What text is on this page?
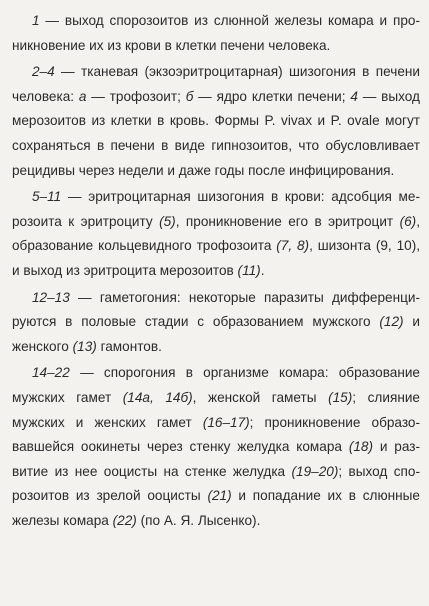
1 — выход спорозоитов из слюнной железы комара и проникновение их из крови в клетки печени человека.

2–4 — тканевая (экзоэритроцитарная) шизогония в печени человека: а — трофозоит; б — ядро клетки печени; 4 — выход мерозоитов из клетки в кровь. Формы P. vivax и P. ovale могут сохраняться в печени в виде гипнозоитов, что обусловливает рецидивы через недели и даже годы после инфицирования.

5–11 — эритроцитарная шизогония в крови: адсобция мерозоита к эритроциту (5), проникновение его в эритроцит (6), образование кольцевидного трофозоита (7, 8), шизонта (9, 10), и выход из эритроцита мерозоитов (11).

12–13 — гаметогония: некоторые паразиты дифференцируются в половые стадии с образованием мужского (12) и женского (13) гамонтов.

14–22 — спорогония в организме комара: образование мужских гамет (14а, 14б), женской гаметы (15); слияние мужских и женских гамет (16–17); проникновение образовавшейся оокинеты через стенку желудка комара (18) и развитие из нее ооцисты на стенке желудка (19–20); выход спорозоитов из зрелой ооцисты (21) и попадание их в слюнные железы комара (22) (по А. Я. Лысенко).
